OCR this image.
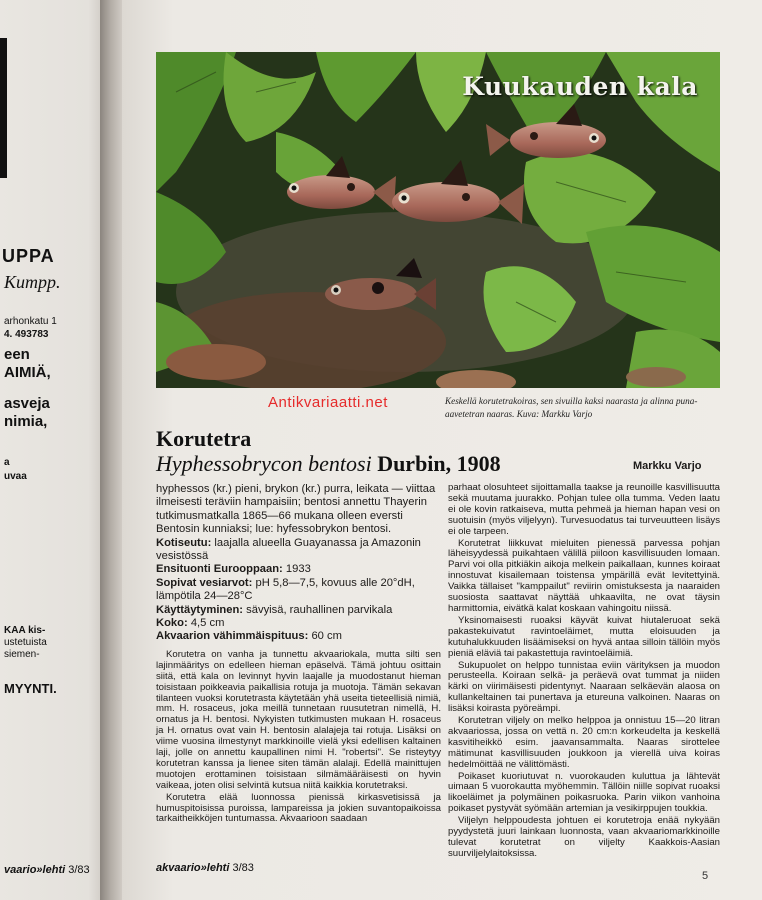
UPPA
Kumpp.
arhonkatu 1
4. 493783
een
AIMIÄ,
asveja
nimia,
a
uvaa
KAA kis-
ustetuista
siemen-
MYYNTI.
vaario»lehti 3/83
Kuukauden kala
Antikvariaatti.net	Keskellä korutetrakoiras, sen sivuilla kaksi naarasta ja alinna puna-aavetetran naaras. Kuva: Markku Varjo
Korutetra
Hyphessobrycon bentosi Durbin, 1908	Markku Varjo

hyphessos (kr.) pieni, brykon (kr.) purra, leikata — viittaa ilmeisesti teräviin hampaisiin; bentosi annettu Thayerin tutkimusmatkalla 1865—66 mukana olleen eversti Bentosin kunniaksi; lue: hyfessobrykon bentosi.

Kotiseutu: laajalla alueella Guayanassa ja Amazonin vesistössä

Ensituonti Eurooppaan: 1933

Sopivat vesiarvot: pH 5,8—7,5, kovuus alle 20°dH, lämpötila 24—28°C

Käyttäytyminen: sävyisä, rauhallinen parvikala

Koko: 4,5 cm

Akvaarion vähimmäispituus: 60 cm

Korutetra on vanha ja tunnettu akvaariokala, mutta silti sen lajinmääritys on edelleen hieman epäselvä. Tämä johtuu osittain siitä, että kala on levinnyt hyvin laajalle ja muodostanut hieman toisistaan poikkeavia paikallisia rotuja ja muotoja. Tämän sekavan tilanteen vuoksi korutetrasta käytetään yhä useita tieteellisiä nimiä, mm. H. rosaceus, joka meillä tunnetaan ruusutetran nimellä, H. ornatus ja H. bentosi. Nykyisten tutkimusten mukaan H. rosaceus ja H. ornatus ovat vain H. bentosin alalajeja tai rotuja. Lisäksi on viime vuosina ilmestynyt markkinoille vielä yksi edellisen kaltainen laji, jolle on annettu kaupallinen nimi H. "robertsi". Se risteytyy korutetran kanssa ja lienee siten tämän alalaji. Edellä mainittujen muotojen erottaminen toisistaan silmämääräisesti on hyvin vaikeaa, joten olisi selvintä kutsua niitä kaikkia korutetraksi.

Korutetra elää luonnossa pienissä kirkasvetisissä ja humuspitoisissa puroissa, lampareissa ja jokien suvantopaikoissa tarkaitheikköjen tuntumassa. Akvaarioon saadaan

parhaat olosuhteet sijoittamalla taakse ja reunoille kasvillisuutta sekä muutama juurakko. Pohjan tulee olla tumma. Veden laatu ei ole kovin ratkaiseva, mutta pehmeä ja hieman hapan vesi on suotuisin (myös viljelyyn). Turvesuodatus tai turveuutteen lisäys ei ole tarpeen.

Korutetrat liikkuvat mieluiten pienessä parvessa pohjan läheisyydessä puikahtaen välillä piiloon kasvillisuuden lomaan. Parvi voi olla pitkiäkin aikoja melkein paikallaan, kunnes koiraat innostuvat kisailemaan toistensa ympärillä evät levitettyinä. Vaikka tällaiset "kamppailut" reviirin omistuksesta ja naaraiden suosiosta saattavat näyttää uhkaavilta, ne ovat täysin harmittomia, eivätkä kalat koskaan vahingoitu niissä.

Yksinomaisesti ruoaksi käyvät kuivat hiutaleruoat sekä pakastekuivatut ravintoeläimet, mutta eloisuuden ja kutuhalukkuuden lisäämiseksi on hyvä antaa silloin tällöin myös pieniä eläviä tai pakastettuja ravintoeläimiä.

Sukupuolet on helppo tunnistaa eviin värityksen ja muodon perusteella. Koiraan selkä- ja peräevä ovat tummat ja niiden kärki on viirimäisesti pidentynyt. Naaraan selkäevän alaosa on kullankeltainen tai punertava ja etureuna valkoinen. Naaras on lisäksi koirasta pyöreämpi.

Korutetran viljely on melko helppoa ja onnistuu 15—20 litran akvaariossa, jossa on vettä n. 20 cm:n korkeudelta ja keskellä kasvitiheikkö esim. jaavansammalta. Naaras sirottelee mätimunat kasvillisuuden joukkoon ja vierellä uiva koiras hedelmöittää ne välittömästi.

Poikaset kuoriutuvat n. vuorokauden kuluttua ja lähtevät uimaan 5 vuorokautta myöhemmin. Tällöin niille sopivat ruoaksi likoeläimet ja polymäinen poikasruoka. Parin viikon vanhoina poikaset pystyvät syömään artemian ja vesikirppujen toukkia.

Viljelyn helppoudesta johtuen ei korutetroja enää nykyään pyydystetä juuri lainkaan luonnosta, vaan akvaariomarkkinoille tulevat korutetrat on viljelty Kaakkois-Aasian suurviljelylaitoksissa.

akvaario»lehti 3/83
5
